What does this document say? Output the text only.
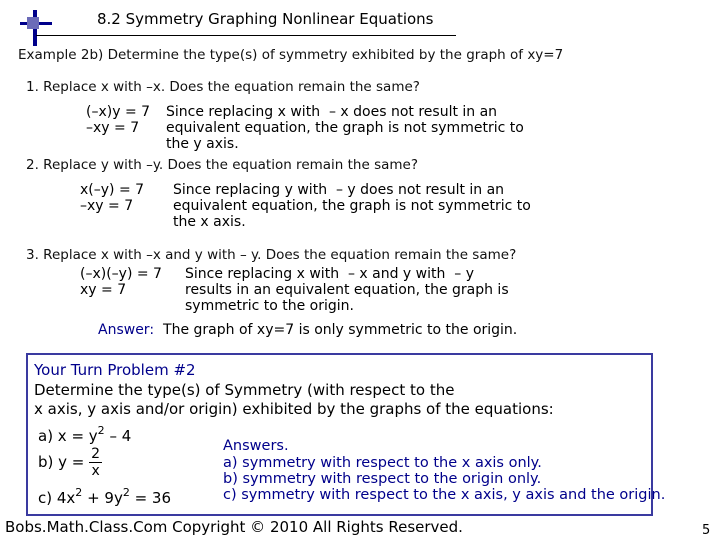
8.2 Symmetry Graphing Nonlinear Equations
Example 2b) Determine the type(s) of symmetry exhibited by the graph of xy=7
1. Replace x with –x. Does the equation remain the same?
(–x)y = 7
–xy = 7
Since replacing x with  – x does not result in an
equivalent equation, the graph is not symmetric to
the y axis.
2. Replace y with –y. Does the equation remain the same?
x(–y) = 7
–xy = 7
Since replacing y with  – y does not result in an
equivalent equation, the graph is not symmetric to
the x axis.
3. Replace x with –x and y with – y. Does the equation remain the same?
(–x)(–y) = 7
xy = 7
Since replacing x with  – x and y with  – y
results in an equivalent equation, the graph is
symmetric to the origin.
Answer: The graph of xy=7 is only symmetric to the origin.
Your Turn Problem #2
Determine the type(s) of Symmetry (with respect to the
x axis, y axis and/or origin) exhibited by the graphs of the equations:
a) $x = y^2 - 4$
b) $y = \frac{2}{x}$
c) $4x^2 + 9y^2 = 36$
Answers.
a) symmetry with respect to the x axis only.
b) symmetry with respect to the origin only.
c) symmetry with respect to the x axis, y axis and the origin.
Bobs.Math.Class.Com Copyright © 2010 All Rights Reserved.	5
